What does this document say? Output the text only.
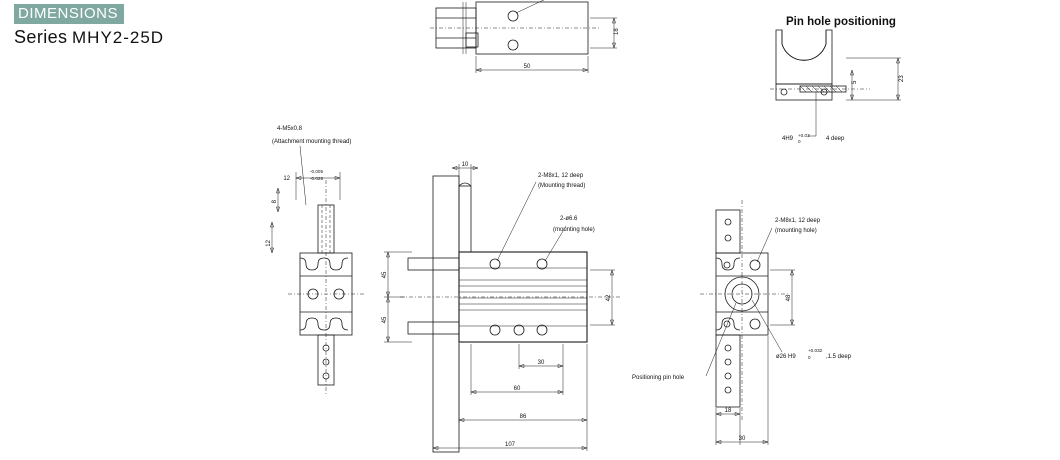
DIMENSIONS
Series MHY2-25D
Pin hole positioning
50
18
23
5
4H9
+0.03
0	4 deep
4-M5x0.8
(Attachment mounting thread)
12
-0.005
-0.026
8
12
2-M8x1, 12 deep
(Mounting thread)
2-ø6.6
(mounting hole)
10
45
45
42
30
60
86
107
2-M8x1, 12 deep
(mounting hole)
Positioning pin hole
ø26 H9
+0.032
0	,1.5 deep
48
18
30
